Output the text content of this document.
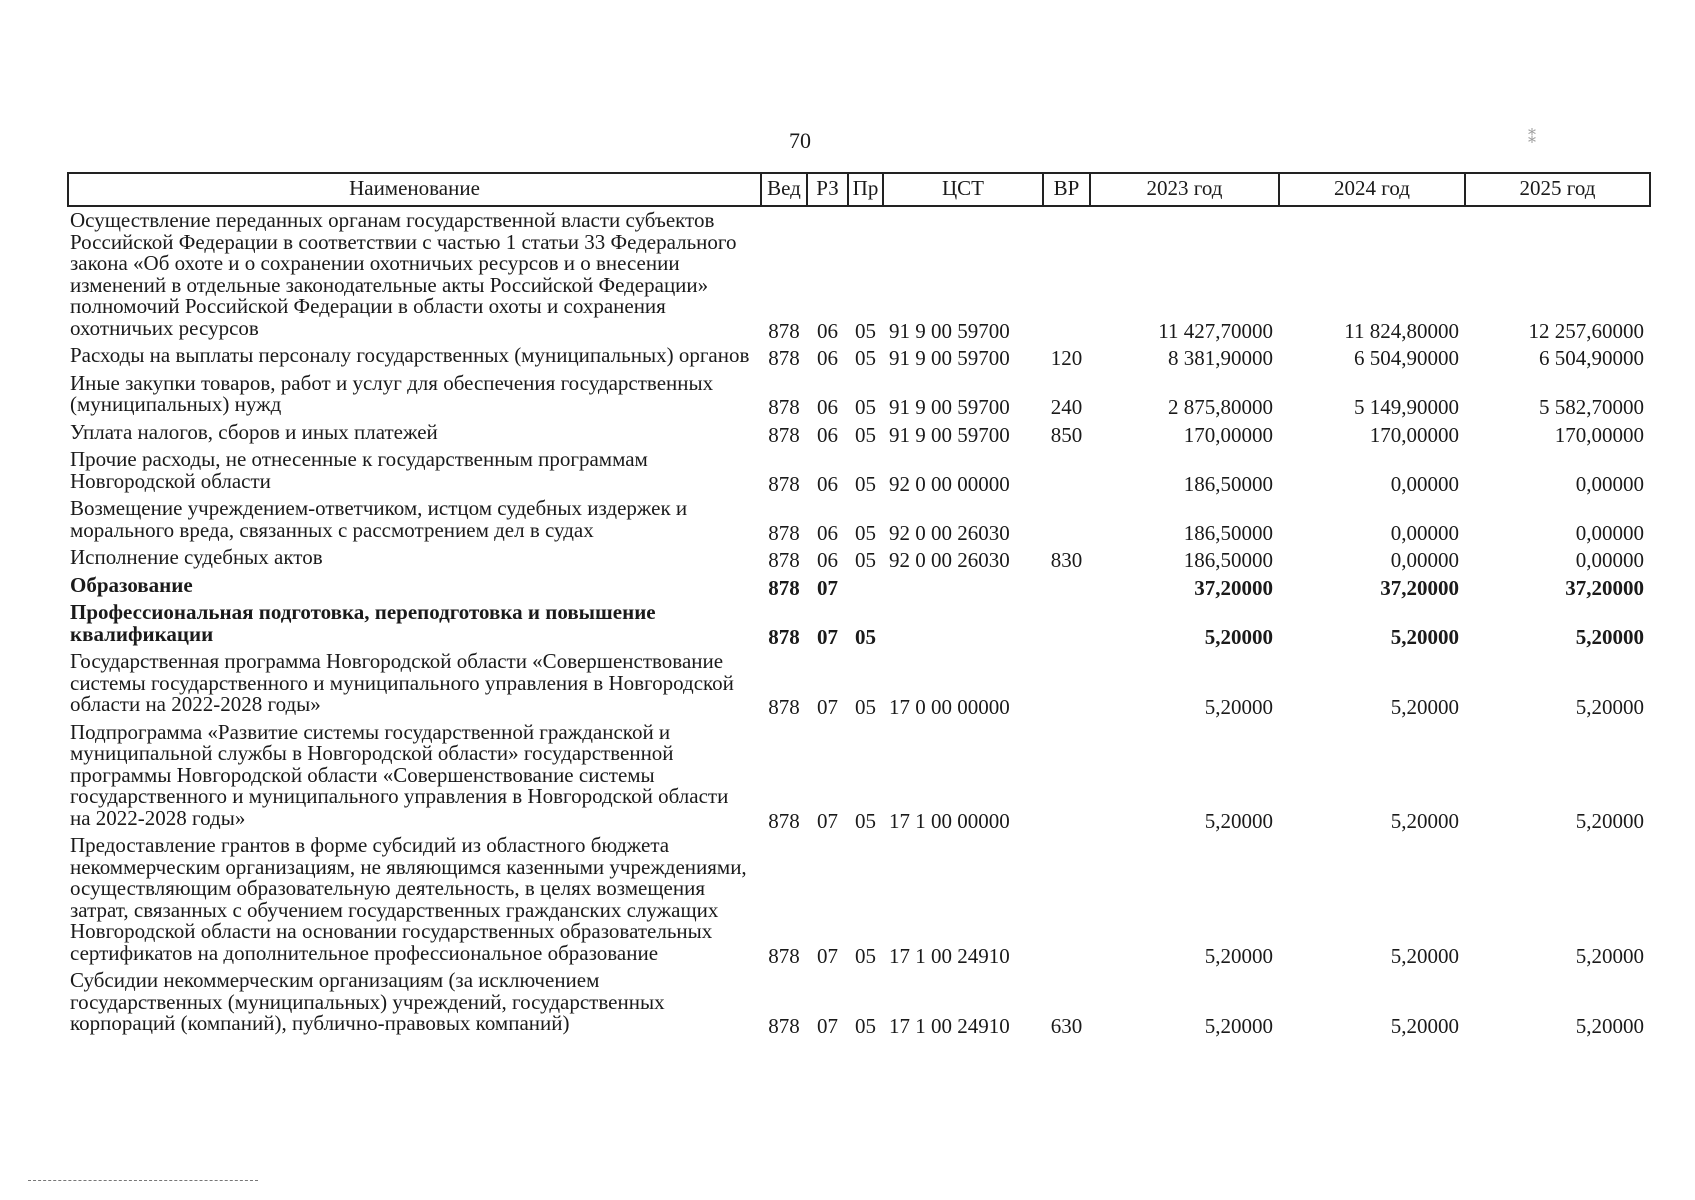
70	⁑
Наименование	Вед	РЗ	Пр	ЦСТ	ВР	2023 год	2024 год	2025 год
Осуществление переданных органам государственной власти субъектов Российской Федерации в соответствии с частью 1 статьи 33 Федерального закона «Об охоте и о сохранении охотничьих ресурсов и о внесении изменений в отдельные законодательные акты Российской Федерации» полномочий Российской Федерации в области охоты и сохранения охотничьих ресурсов	878	06	05	91 9 00 59700		11 427,70000	11 824,80000	12 257,60000
Расходы на выплаты персоналу государственных (муниципальных) органов	878	06	05	91 9 00 59700	120	8 381,90000	6 504,90000	6 504,90000
Иные закупки товаров, работ и услуг для обеспечения государственных (муниципальных) нужд	878	06	05	91 9 00 59700	240	2 875,80000	5 149,90000	5 582,70000
Уплата налогов, сборов и иных платежей	878	06	05	91 9 00 59700	850	170,00000	170,00000	170,00000
Прочие расходы, не отнесенные к государственным программам Новгородской области	878	06	05	92 0 00 00000		186,50000	0,00000	0,00000
Возмещение учреждением-ответчиком, истцом судебных издержек и морального вреда, связанных с рассмотрением дел в судах	878	06	05	92 0 00 26030		186,50000	0,00000	0,00000
Исполнение судебных актов	878	06	05	92 0 00 26030	830	186,50000	0,00000	0,00000
Образование	878	07				37,20000	37,20000	37,20000
Профессиональная подготовка, переподготовка и повышение квалификации	878	07	05			5,20000	5,20000	5,20000
Государственная программа Новгородской области «Совершенствование системы государственного и муниципального управления в Новгородской области на 2022-2028 годы»	878	07	05	17 0 00 00000		5,20000	5,20000	5,20000
Подпрограмма «Развитие системы государственной гражданской и муниципальной службы в Новгородской области» государственной программы Новгородской области «Совершенствование системы государственного и муниципального управления в Новгородской области на 2022-2028 годы»	878	07	05	17 1 00 00000		5,20000	5,20000	5,20000
Предоставление грантов в форме субсидий из областного бюджета некоммерческим организациям, не являющимся казенными учреждениями, осуществляющим образовательную деятельность, в целях возмещения затрат, связанных с обучением государственных гражданских служащих Новгородской области на основании государственных образовательных сертификатов на дополнительное профессиональное образование	878	07	05	17 1 00 24910		5,20000	5,20000	5,20000
Субсидии некоммерческим организациям (за исключением государственных (муниципальных) учреждений, государственных корпораций (компаний), публично-правовых компаний)	878	07	05	17 1 00 24910	630	5,20000	5,20000	5,20000
